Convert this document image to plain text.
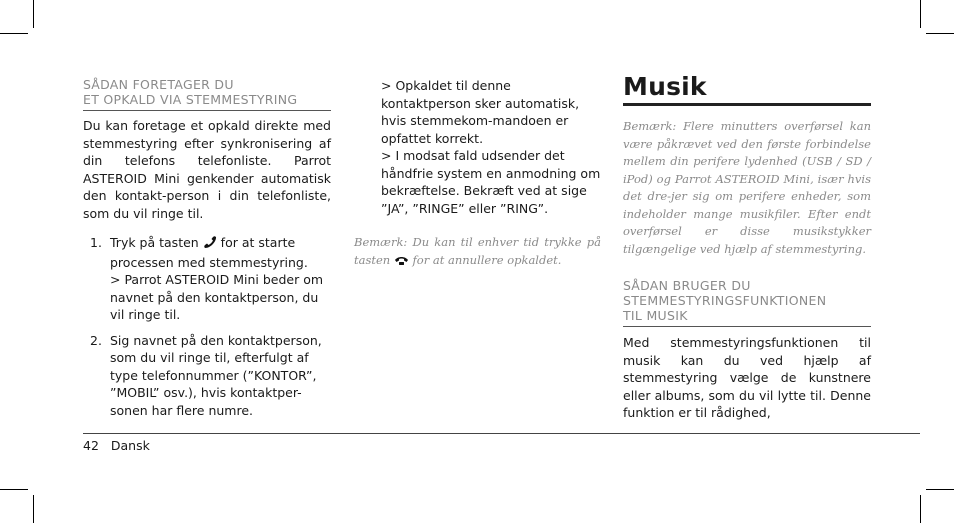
SÅDAN FORETAGER DU
ET OPKALD VIA STEMMESTYRING
Du kan foretage et opkald direkte med stemmestyring efter synkronisering af din telefons telefonliste. Parrot ASTEROID Mini genkender automatisk den kontakt-person i din telefonliste, som du vil ringe til.
1. Tryk på tasten for at starte processen med stemmestyring.
> Parrot ASTEROID Mini beder om navnet på den kontaktperson, du vil ringe til.
2. Sig navnet på den kontaktperson, som du vil ringe til, efterfulgt af type telefonnummer (”KONTOR”, ”MOBIL” osv.), hvis kontaktper-sonen har flere numre.
> Opkaldet til denne kontaktperson sker automatisk, hvis stemmekom-mandoen er opfattet korrekt.
> I modsat fald udsender det håndfrie system en anmodning om bekræftelse. Bekræft ved at sige ”JA”, ”RINGE” eller ”RING”.
Bemærk: Du kan til enhver tid trykke på tasten for at annullere opkaldet.
Musik
Bemærk: Flere minutters overførsel kan være påkrævet ved den første forbindelse mellem din perifere lydenhed (USB / SD / iPod) og Parrot ASTEROID Mini, især hvis det dre-jer sig om perifere enheder, som indeholder mange musikfiler. Efter endt overførsel er disse musikstykker tilgængelige ved hjælp af stemmestyring.
SÅDAN BRUGER DU
STEMMESTYRINGSFUNKTIONEN
TIL MUSIK
Med stemmestyringsfunktionen til musik kan du ved hjælp af stemmestyring vælge de kunstnere eller albums, som du vil lytte til. Denne funktion er til rådighed,
42 Dansk
